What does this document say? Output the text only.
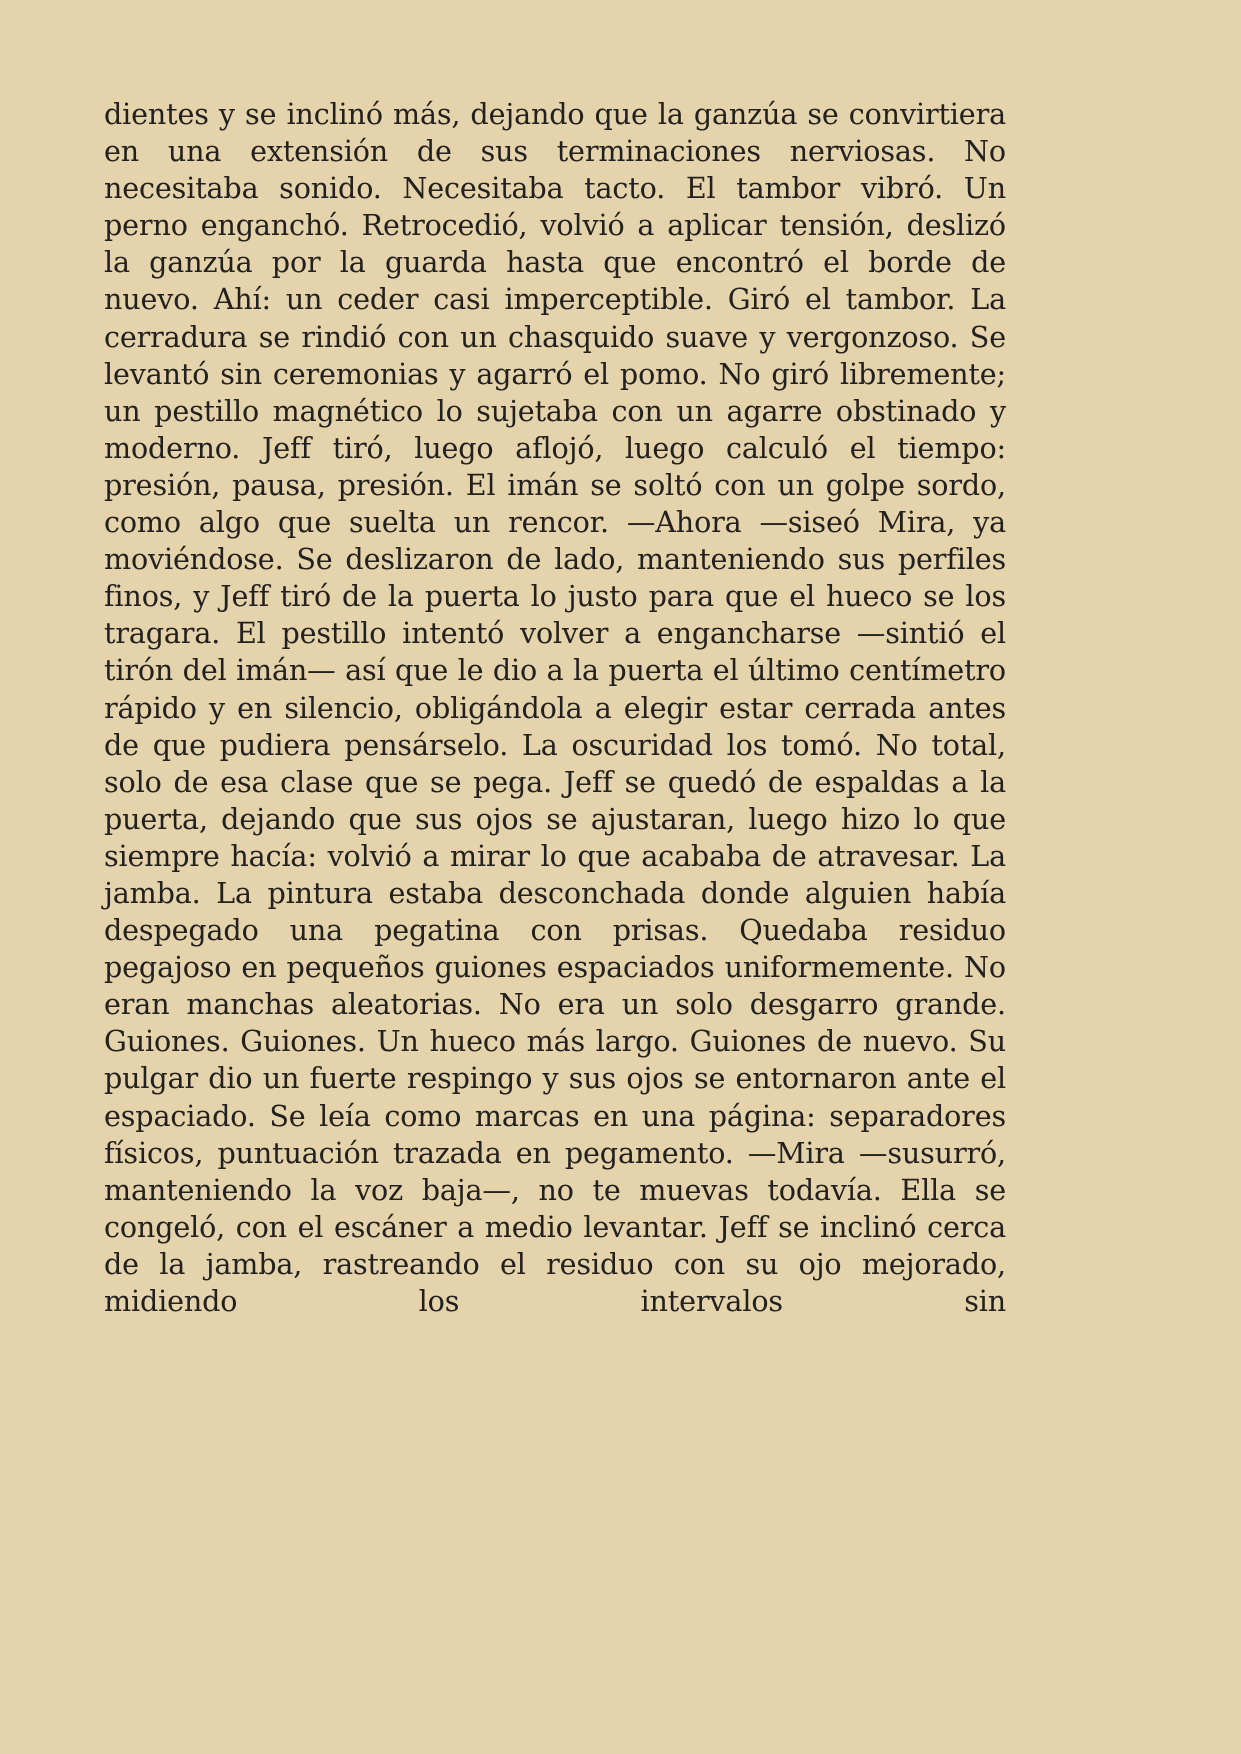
dientes y se inclinó más, dejando que la ganzúa se convirtiera en una extensión de sus terminaciones nerviosas. No necesitaba sonido. Necesitaba tacto. El tambor vibró. Un perno enganchó. Retrocedió, volvió a aplicar tensión, deslizó la ganzúa por la guarda hasta que encontró el borde de nuevo. Ahí: un ceder casi imperceptible. Giró el tambor. La cerradura se rindió con un chasquido suave y vergonzoso. Se levantó sin ceremonias y agarró el pomo. No giró libremente; un pestillo magnético lo sujetaba con un agarre obstinado y moderno. Jeff tiró, luego aflojó, luego calculó el tiempo: presión, pausa, presión. El imán se soltó con un golpe sordo, como algo que suelta un rencor. —Ahora —siseó Mira, ya moviéndose. Se deslizaron de lado, manteniendo sus perfiles finos, y Jeff tiró de la puerta lo justo para que el hueco se los tragara. El pestillo intentó volver a engancharse —sintió el tirón del imán— así que le dio a la puerta el último centímetro rápido y en silencio, obligándola a elegir estar cerrada antes de que pudiera pensárselo. La oscuridad los tomó. No total, solo de esa clase que se pega. Jeff se quedó de espaldas a la puerta, dejando que sus ojos se ajustaran, luego hizo lo que siempre hacía: volvió a mirar lo que acababa de atravesar. La jamba. La pintura estaba desconchada donde alguien había despegado una pegatina con prisas. Quedaba residuo pegajoso en pequeños guiones espaciados uniformemente. No eran manchas aleatorias. No era un solo desgarro grande. Guiones. Guiones. Un hueco más largo. Guiones de nuevo. Su pulgar dio un fuerte respingo y sus ojos se entornaron ante el espaciado. Se leía como marcas en una página: separadores físicos, puntuación trazada en pegamento. —Mira —susurró, manteniendo la voz baja—, no te muevas todavía. Ella se congeló, con el escáner a medio levantar. Jeff se inclinó cerca de la jamba, rastreando el residuo con su ojo mejorado, midiendo los intervalos sin
